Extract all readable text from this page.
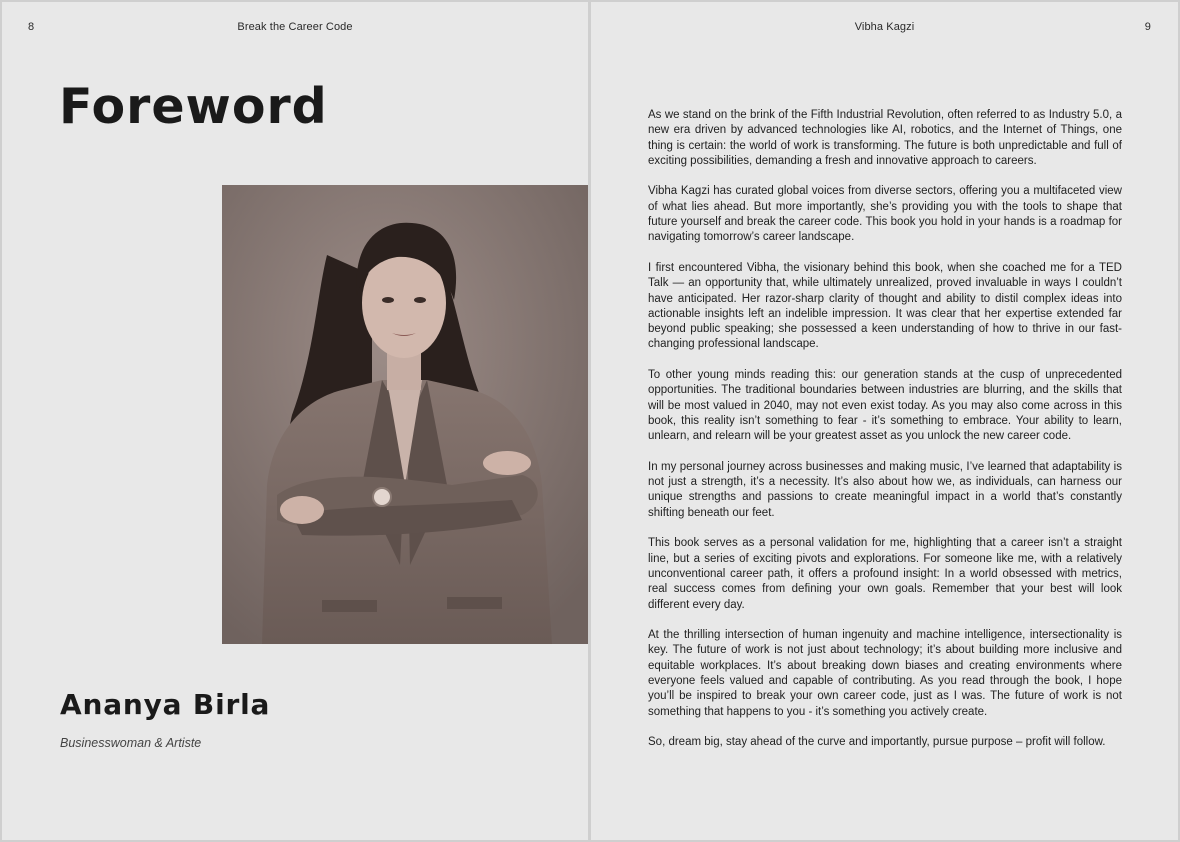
8	Break the Career Code
Foreword
Ananya Birla
Businesswoman & Artiste
Vibha Kagzi	9

As we stand on the brink of the Fifth Industrial Revolution, often referred to as Industry 5.0, a new era driven by advanced technologies like AI, robotics, and the Internet of Things, one thing is certain: the world of work is transforming. The future is both unpredictable and full of exciting possibilities, demanding a fresh and innovative approach to careers.

Vibha Kagzi has curated global voices from diverse sectors, offering you a multifaceted view of what lies ahead. But more importantly, she’s providing you with the tools to shape that future yourself and break the career code. This book you hold in your hands is a roadmap for navigating tomorrow’s career landscape.

I first encountered Vibha, the visionary behind this book, when she coached me for a TED Talk — an opportunity that, while ultimately unrealized, proved invaluable in ways I couldn’t have anticipated. Her razor-sharp clarity of thought and ability to distil complex ideas into actionable insights left an indelible impression. It was clear that her expertise extended far beyond public speaking; she possessed a keen understanding of how to thrive in our fast-changing professional landscape.

To other young minds reading this: our generation stands at the cusp of unprecedented opportunities. The traditional boundaries between industries are blurring, and the skills that will be most valued in 2040, may not even exist today. As you may also come across in this book, this reality isn’t something to fear - it’s something to embrace. Your ability to learn, unlearn, and relearn will be your greatest asset as you unlock the new career code.

In my personal journey across businesses and making music, I’ve learned that adaptability is not just a strength, it’s a necessity. It’s also about how we, as individuals, can harness our unique strengths and passions to create meaningful impact in a world that’s constantly shifting beneath our feet.

This book serves as a personal validation for me, highlighting that a career isn’t a straight line, but a series of exciting pivots and explorations. For someone like me, with a relatively unconventional career path, it offers a profound insight: In a world obsessed with metrics, real success comes from defining your own goals. Remember that your best will look different every day.

At the thrilling intersection of human ingenuity and machine intelligence, intersectionality is key. The future of work is not just about technology; it’s about building more inclusive and equitable workplaces. It’s about breaking down biases and creating environments where everyone feels valued and capable of contributing. As you read through the book, I hope you’ll be inspired to break your own career code, just as I was. The future of work is not something that happens to you - it’s something you actively create.

So, dream big, stay ahead of the curve and importantly, pursue purpose – profit will follow.
